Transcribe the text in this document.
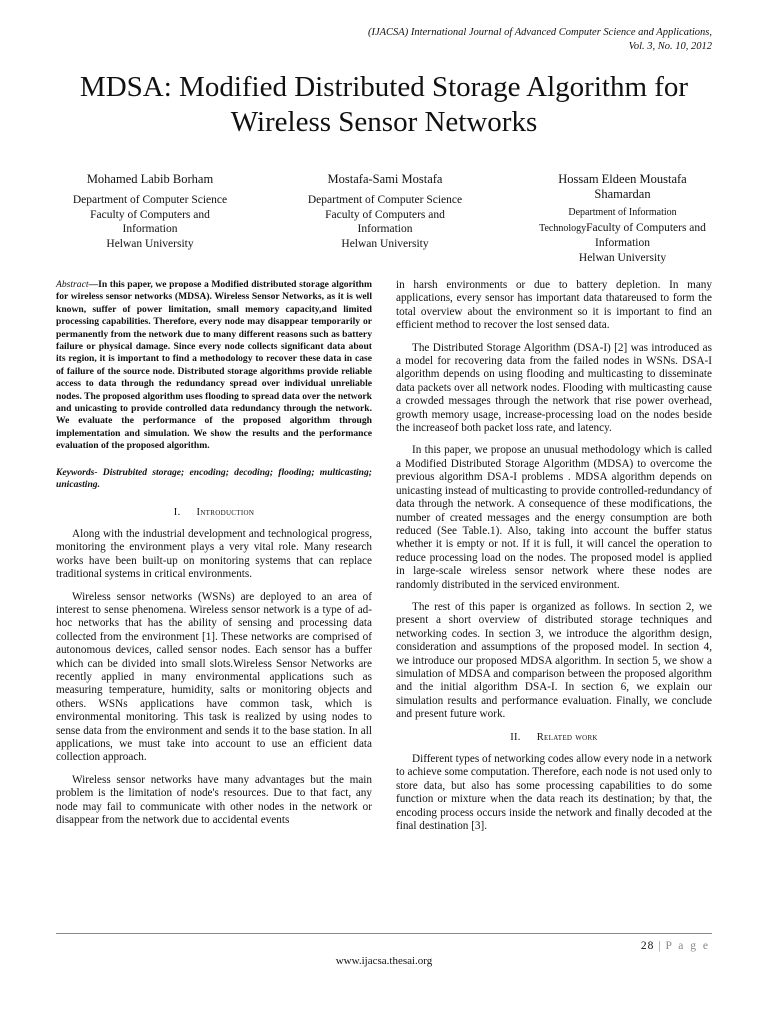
(IJACSA) International Journal of Advanced Computer Science and Applications,
Vol. 3, No. 10, 2012
MDSA: Modified Distributed Storage Algorithm for
Wireless Sensor Networks
Mohamed Labib Borham
Department of Computer Science
Faculty of Computers and
Information
Helwan University
Mostafa-Sami Mostafa
Department of Computer Science
Faculty of Computers and
Information
Helwan University
Hossam Eldeen Moustafa
Shamardan
Department of Information
TechnologyFaculty of Computers and
Information
Helwan University

Abstract—In this paper, we propose a Modified distributed storage algorithm for wireless sensor networks (MDSA). Wireless Sensor Networks, as it is well known, suffer of power limitation, small memory capacity,and limited processing capabilities. Therefore, every node may disappear temporarily or permanently from the network due to many different reasons such as battery failure or physical damage. Since every node collects significant data about its region, it is important to find a methodology to recover these data in case of failure of the source node. Distributed storage algorithms provide reliable access to data through the redundancy spread over individual unreliable nodes. The proposed algorithm uses flooding to spread data over the network and unicasting to provide controlled data redundancy through the network. We evaluate the performance of the proposed algorithm through implementation and simulation. We show the results and the performance evaluation of the proposed algorithm.

Keywords- Distrubited storage; encoding; decoding; flooding; multicasting; unicasting.

I. Introduction

Along with the industrial development and technological progress, monitoring the environment plays a very vital role. Many research works have been built-up on monitoring systems that can replace traditional systems in critical environments.

Wireless sensor networks (WSNs) are deployed to an area of interest to sense phenomena. Wireless sensor network is a type of ad-hoc networks that has the ability of sensing and processing data collected from the environment [1]. These networks are comprised of autonomous devices, called sensor nodes. Each sensor has a buffer which can be divided into small slots.Wireless Sensor Networks are recently applied in many environmental applications such as measuring temperature, humidity, salts or monitoring objects and others. WSNs applications have common task, which is environmental monitoring. This task is realized by using nodes to sense data from the environment and sends it to the base station. In all applications, we must take into account to use an efficient data collection approach.

Wireless sensor networks have many advantages but the main problem is the limitation of node's resources. Due to that fact, any node may fail to communicate with other nodes in the network or disappear from the network due to accidental events

in harsh environments or due to battery depletion. In many applications, every sensor has important data thatareused to form the total overview about the environment so it is important to find an efficient method to recover the lost sensed data.

The Distributed Storage Algorithm (DSA-I) [2] was introduced as a model for recovering data from the failed nodes in WSNs. DSA-I algorithm depends on using flooding and multicasting to disseminate data packets over all network nodes. Flooding with multicasting cause a crowded messages through the network that rise power overhead, growth memory usage, increase-processing load on the nodes beside the increaseof both packet loss rate, and latency.

In this paper, we propose an unusual methodology which is called a Modified Distributed Storage Algorithm (MDSA) to overcome the previous algorithm DSA-I problems . MDSA algorithm depends on unicasting instead of multicasting to provide controlled-redundancy of data through the network. A consequence of these modifications, the number of created messages and the energy consumption are both reduced (See Table.1). Also, taking into account the buffer status whether it is empty or not. If it is full, it will cancel the operation to reduce processing load on the nodes. The proposed model is applied in large-scale wireless sensor network where these nodes are randomly distributed in the serviced environment.

The rest of this paper is organized as follows. In section 2, we present a short overview of distributed storage techniques and networking codes. In section 3, we introduce the algorithm design, consideration and assumptions of the proposed model. In section 4, we introduce our proposed MDSA algorithm. In section 5, we show a simulation of MDSA and comparison between the proposed algorithm and the initial algorithm DSA-I. In section 6, we explain our simulation results and performance evaluation. Finally, we conclude and present future work.

II. Related work

Different types of networking codes allow every node in a network to achieve some computation. Therefore, each node is not used only to store data, but also has some processing capabilities to do some function or mixture when the data reach its destination; by that, the encoding process occurs inside the network and finally decoded at the final destination [3].

28 | P a g e
www.ijacsa.thesai.org
